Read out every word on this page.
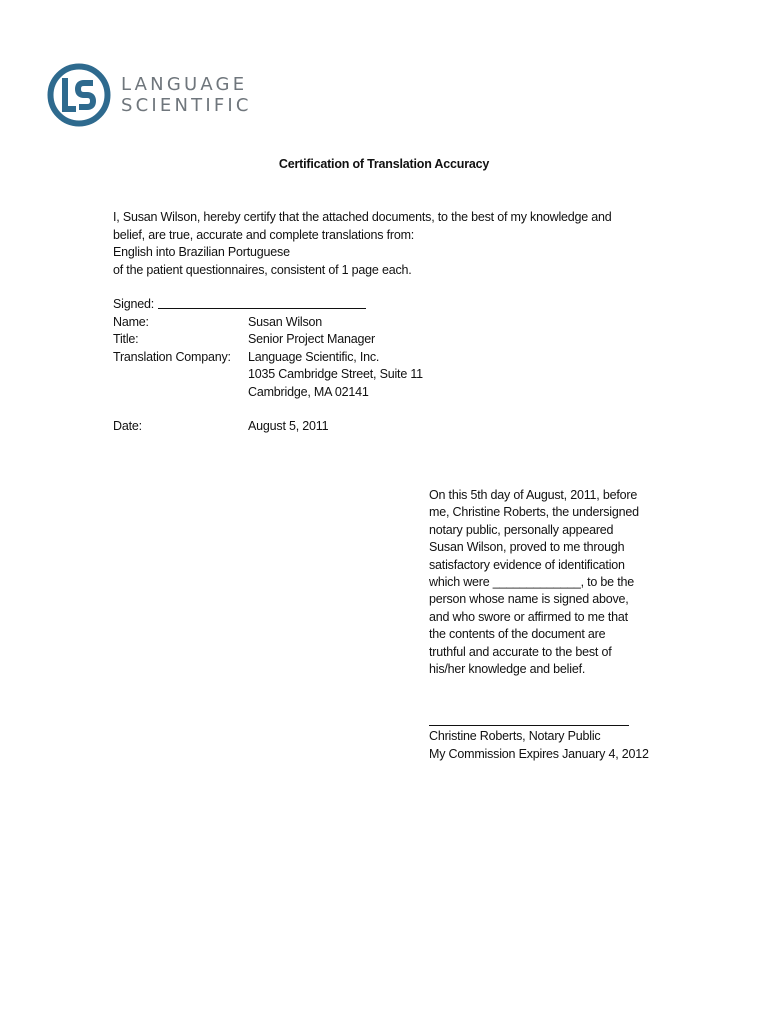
LANGUAGE
SCIENTIFIC
Certification of Translation Accuracy
I, Susan Wilson, hereby certify that the attached documents, to the best of my knowledge and
belief, are true, accurate and complete translations from:
English into Brazilian Portuguese
of the patient questionnaires, consistent of 1 page each.
Signed:
Name:	Susan Wilson
Title:	Senior Project Manager
Translation Company:	Language Scientific, Inc.
1035 Cambridge Street, Suite 11
Cambridge, MA 02141
Date:	August 5, 2011
On this 5th day of August, 2011, before
me, Christine Roberts, the undersigned
notary public, personally appeared
Susan Wilson, proved to me through
satisfactory evidence of identification
which were _____________, to be the
person whose name is signed above,
and who swore or affirmed to me that
the contents of the document are
truthful and accurate to the best of
his/her knowledge and belief.
Christine Roberts, Notary Public
My Commission Expires January 4, 2012
